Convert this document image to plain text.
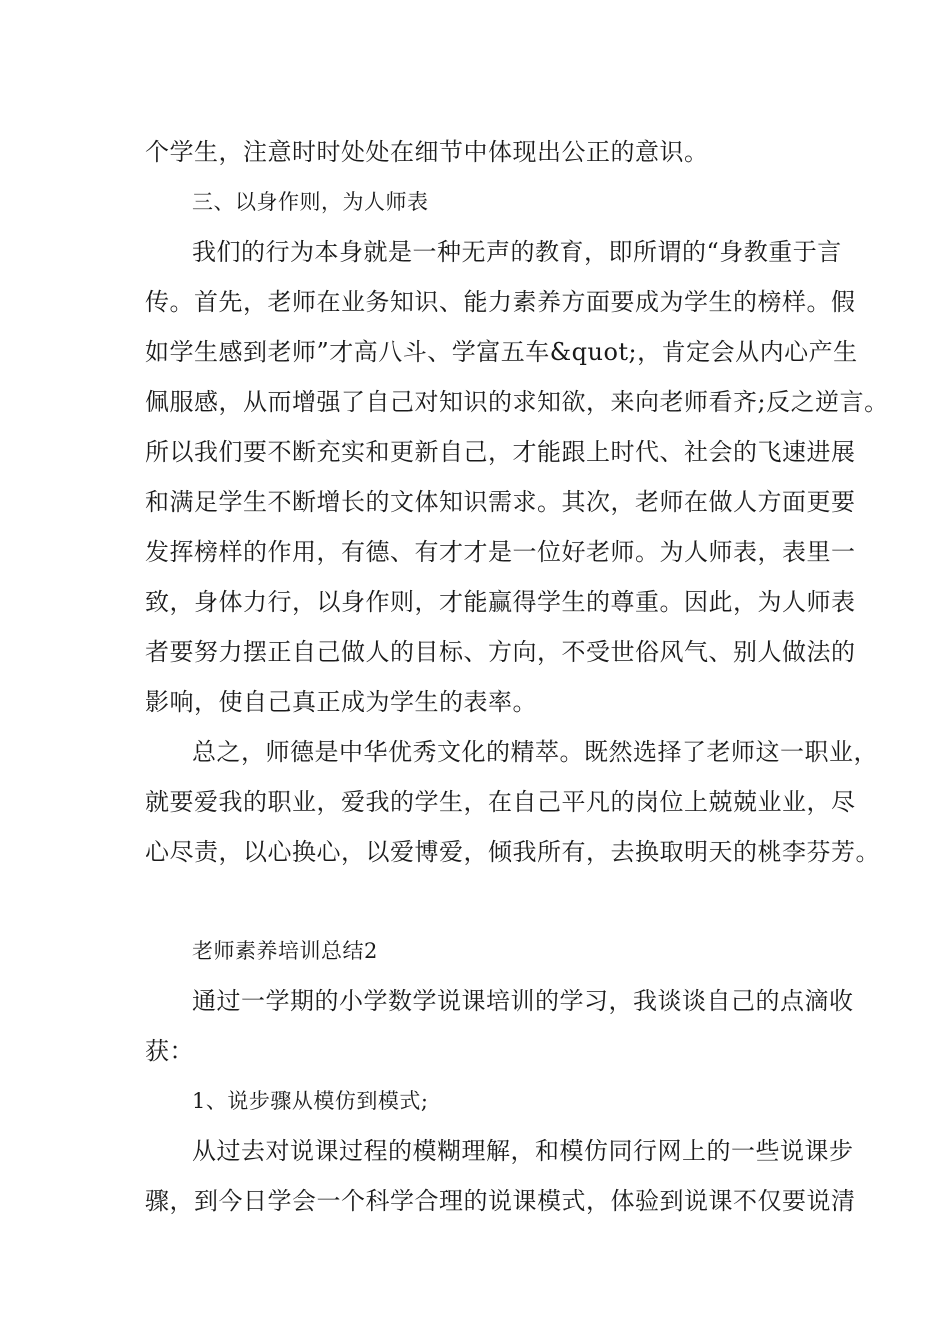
个学生，注意时时处处在细节中体现出公正的意识。
三、以身作则，为人师表
我们的行为本身就是一种无声的教育，即所谓的“身教重于言
传。首先，老师在业务知识、能力素养方面要成为学生的榜样。假
如学生感到老师”才高八斗、学富五车&quot;，肯定会从内心产生
佩服感，从而增强了自己对知识的求知欲，来向老师看齐;反之逆言。
所以我们要不断充实和更新自己，才能跟上时代、社会的飞速进展
和满足学生不断增长的文体知识需求。其次，老师在做人方面更要
发挥榜样的作用，有德、有才才是一位好老师。为人师表，表里一
致，身体力行，以身作则，才能赢得学生的尊重。因此，为人师表
者要努力摆正自己做人的目标、方向，不受世俗风气、别人做法的
影响，使自己真正成为学生的表率。
总之，师德是中华优秀文化的精萃。既然选择了老师这一职业，
就要爱我的职业，爱我的学生，在自己平凡的岗位上兢兢业业，尽
心尽责，以心换心，以爱博爱，倾我所有，去换取明天的桃李芬芳。
老师素养培训总结2
通过一学期的小学数学说课培训的学习，我谈谈自己的点滴收
获：
1、说步骤从模仿到模式;
从过去对说课过程的模糊理解，和模仿同行网上的一些说课步
骤，到今日学会一个科学合理的说课模式，体验到说课不仅要说清
